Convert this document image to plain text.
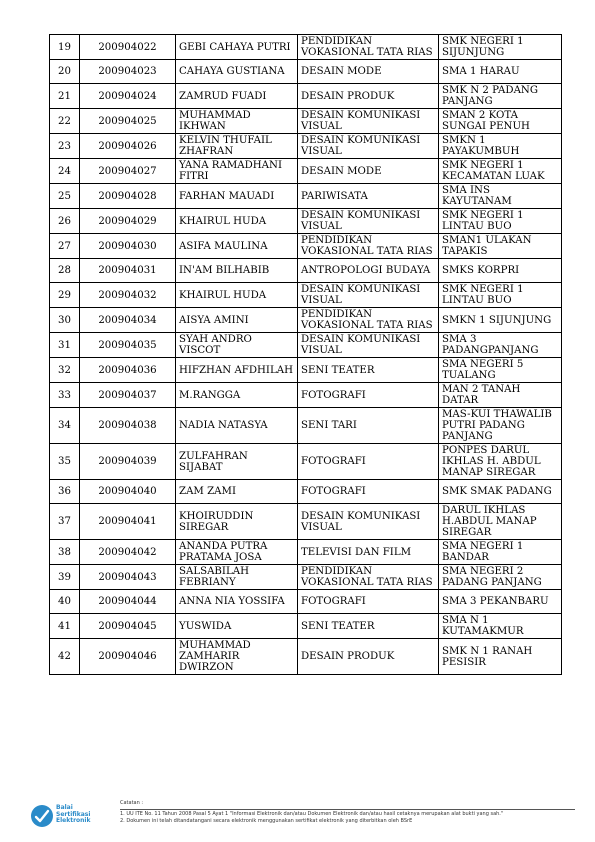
19	200904022	GEBI CAHAYA PUTRI	PENDIDIKAN VOKASIONAL TATA RIAS	SMK NEGERI 1 SIJUNJUNG
20	200904023	CAHAYA GUSTIANA	DESAIN MODE	SMA 1 HARAU
21	200904024	ZAMRUD FUADI	DESAIN PRODUK	SMK N 2 PADANG PANJANG
22	200904025	MUHAMMAD IKHWAN	DESAIN KOMUNIKASI VISUAL	SMAN 2 KOTA SUNGAI PENUH
23	200904026	KELVIN THUFAIL ZHAFRAN	DESAIN KOMUNIKASI VISUAL	SMKN 1 PAYAKUMBUH
24	200904027	YANA RAMADHANI FITRI	DESAIN MODE	SMK NEGERI 1 KECAMATAN LUAK
25	200904028	FARHAN MAUADI	PARIWISATA	SMA INS KAYUTANAM
26	200904029	KHAIRUL HUDA	DESAIN KOMUNIKASI VISUAL	SMK NEGERI 1 LINTAU BUO
27	200904030	ASIFA MAULINA	PENDIDIKAN VOKASIONAL TATA RIAS	SMAN1 ULAKAN TAPAKIS
28	200904031	IN'AM BILHABIB	ANTROPOLOGI BUDAYA	SMKS KORPRI
29	200904032	KHAIRUL HUDA	DESAIN KOMUNIKASI VISUAL	SMK NEGERI 1 LINTAU BUO
30	200904034	AISYA AMINI	PENDIDIKAN VOKASIONAL TATA RIAS	SMKN 1 SIJUNJUNG
31	200904035	SYAH ANDRO VISCOT	DESAIN KOMUNIKASI VISUAL	SMA 3 PADANGPANJANG
32	200904036	HIFZHAN AFDHILAH	SENI TEATER	SMA NEGERI 5 TUALANG
33	200904037	M.RANGGA	FOTOGRAFI	MAN 2 TANAH DATAR
34	200904038	NADIA NATASYA	SENI TARI	MAS-KUI THAWALIB PUTRI PADANG PANJANG
35	200904039	ZULFAHRAN SIJABAT	FOTOGRAFI	PONPES DARUL IKHLAS H. ABDUL MANAP SIREGAR
36	200904040	ZAM ZAMI	FOTOGRAFI	SMK SMAK PADANG
37	200904041	KHOIRUDDIN SIREGAR	DESAIN KOMUNIKASI VISUAL	DARUL IKHLAS H.ABDUL MANAP SIREGAR
38	200904042	ANANDA PUTRA PRATAMA JOSA	TELEVISI DAN FILM	SMA NEGERI 1 BANDAR
39	200904043	SALSABILAH FEBRIANY	PENDIDIKAN VOKASIONAL TATA RIAS	SMA NEGERI 2 PADANG PANJANG
40	200904044	ANNA NIA YOSSIFA	FOTOGRAFI	SMA 3 PEKANBARU
41	200904045	YUSWIDA	SENI TEATER	SMA N 1 KUTAMAKMUR
42	200904046	MUHAMMAD ZAMHARIR DWIRZON	DESAIN PRODUK	SMK N 1 RANAH PESISIR
Balai
Sertifikasi
Elektronik
Catatan :
1. UU ITE No. 11 Tahun 2008 Pasal 5 Ayat 1 "Informasi Elektronik dan/atau Dokumen Elektronik dan/atau hasil cetaknya merupakan alat bukti yang sah."
2. Dokumen ini telah ditandatangani secara elektronik menggunakan sertifikat elektronik yang diterbitkan oleh BSrE
